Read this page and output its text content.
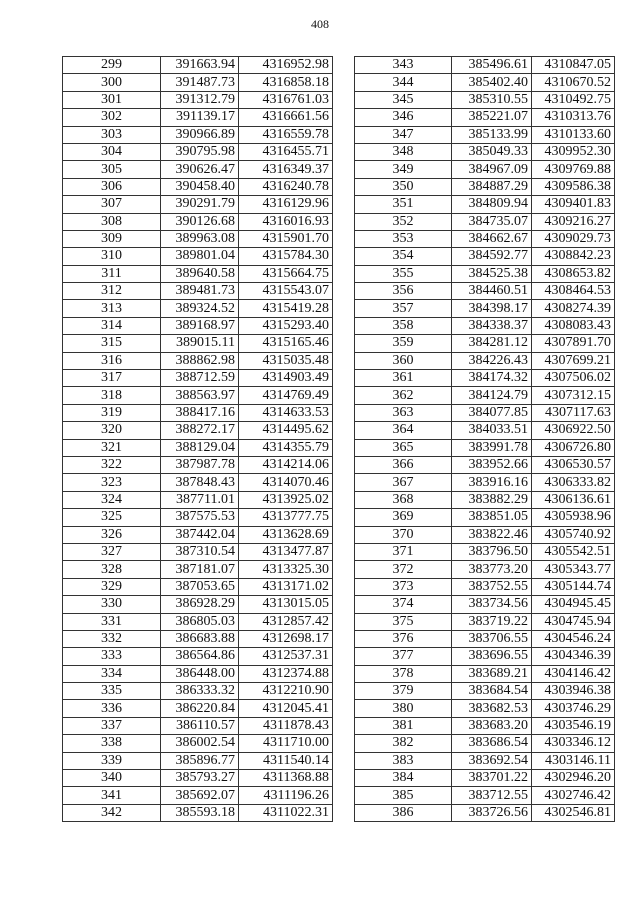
408
299	391663.94	4316952.98
300	391487.73	4316858.18
301	391312.79	4316761.03
302	391139.17	4316661.56
303	390966.89	4316559.78
304	390795.98	4316455.71
305	390626.47	4316349.37
306	390458.40	4316240.78
307	390291.79	4316129.96
308	390126.68	4316016.93
309	389963.08	4315901.70
310	389801.04	4315784.30
311	389640.58	4315664.75
312	389481.73	4315543.07
313	389324.52	4315419.28
314	389168.97	4315293.40
315	389015.11	4315165.46
316	388862.98	4315035.48
317	388712.59	4314903.49
318	388563.97	4314769.49
319	388417.16	4314633.53
320	388272.17	4314495.62
321	388129.04	4314355.79
322	387987.78	4314214.06
323	387848.43	4314070.46
324	387711.01	4313925.02
325	387575.53	4313777.75
326	387442.04	4313628.69
327	387310.54	4313477.87
328	387181.07	4313325.30
329	387053.65	4313171.02
330	386928.29	4313015.05
331	386805.03	4312857.42
332	386683.88	4312698.17
333	386564.86	4312537.31
334	386448.00	4312374.88
335	386333.32	4312210.90
336	386220.84	4312045.41
337	386110.57	4311878.43
338	386002.54	4311710.00
339	385896.77	4311540.14
340	385793.27	4311368.88
341	385692.07	4311196.26
342	385593.18	4311022.31
343	385496.61	4310847.05
344	385402.40	4310670.52
345	385310.55	4310492.75
346	385221.07	4310313.76
347	385133.99	4310133.60
348	385049.33	4309952.30
349	384967.09	4309769.88
350	384887.29	4309586.38
351	384809.94	4309401.83
352	384735.07	4309216.27
353	384662.67	4309029.73
354	384592.77	4308842.23
355	384525.38	4308653.82
356	384460.51	4308464.53
357	384398.17	4308274.39
358	384338.37	4308083.43
359	384281.12	4307891.70
360	384226.43	4307699.21
361	384174.32	4307506.02
362	384124.79	4307312.15
363	384077.85	4307117.63
364	384033.51	4306922.50
365	383991.78	4306726.80
366	383952.66	4306530.57
367	383916.16	4306333.82
368	383882.29	4306136.61
369	383851.05	4305938.96
370	383822.46	4305740.92
371	383796.50	4305542.51
372	383773.20	4305343.77
373	383752.55	4305144.74
374	383734.56	4304945.45
375	383719.22	4304745.94
376	383706.55	4304546.24
377	383696.55	4304346.39
378	383689.21	4304146.42
379	383684.54	4303946.38
380	383682.53	4303746.29
381	383683.20	4303546.19
382	383686.54	4303346.12
383	383692.54	4303146.11
384	383701.22	4302946.20
385	383712.55	4302746.42
386	383726.56	4302546.81
